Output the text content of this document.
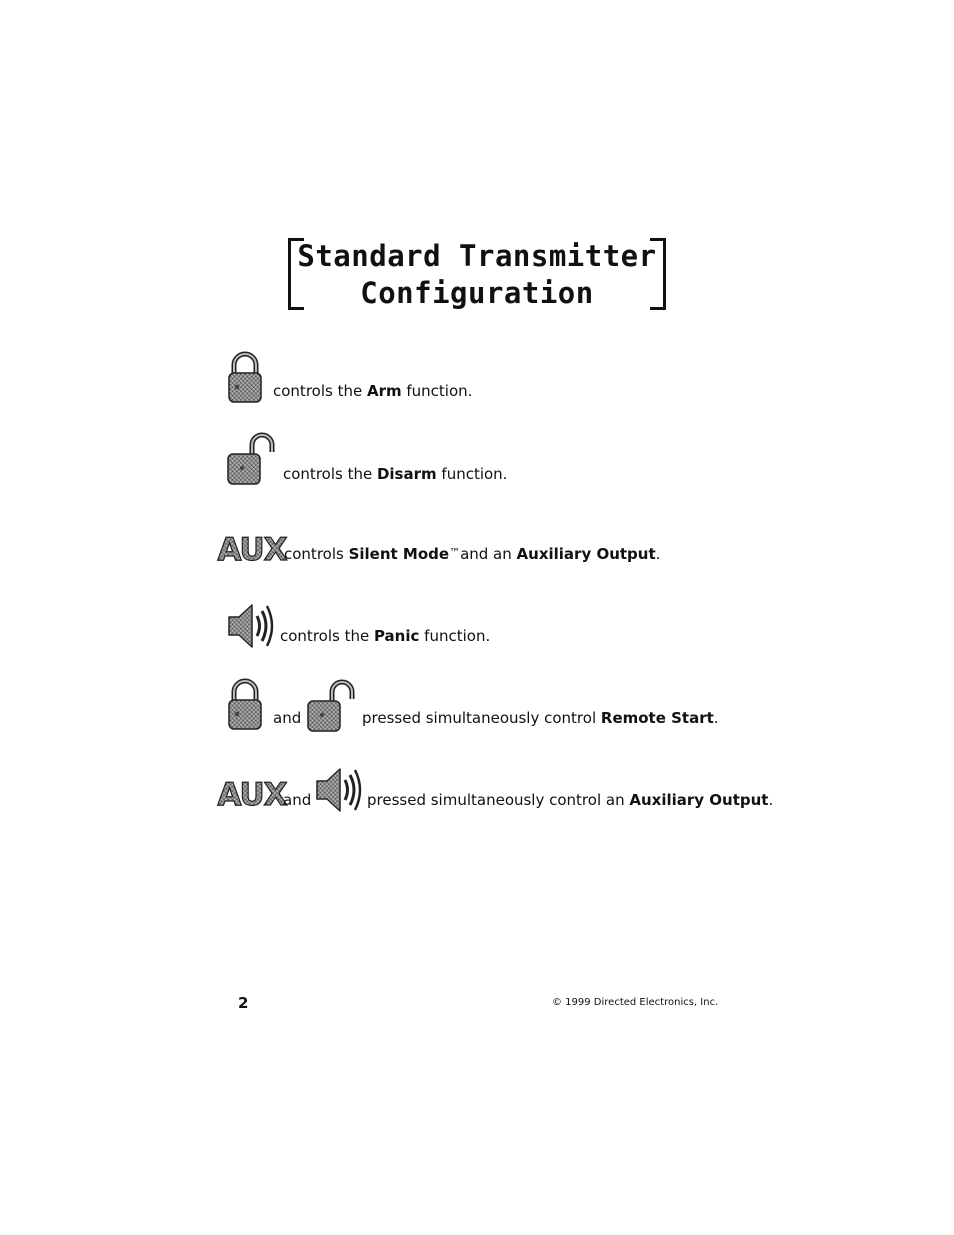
Standard Transmitter
Configuration
controls the Arm function.
controls the Disarm function.
AUX
controls Silent Mode™and an Auxiliary Output.
controls the Panic function.
and	pressed simultaneously control Remote Start.
AUX
and	pressed simultaneously control an Auxiliary Output.
2	© 1999 Directed Electronics, Inc.
